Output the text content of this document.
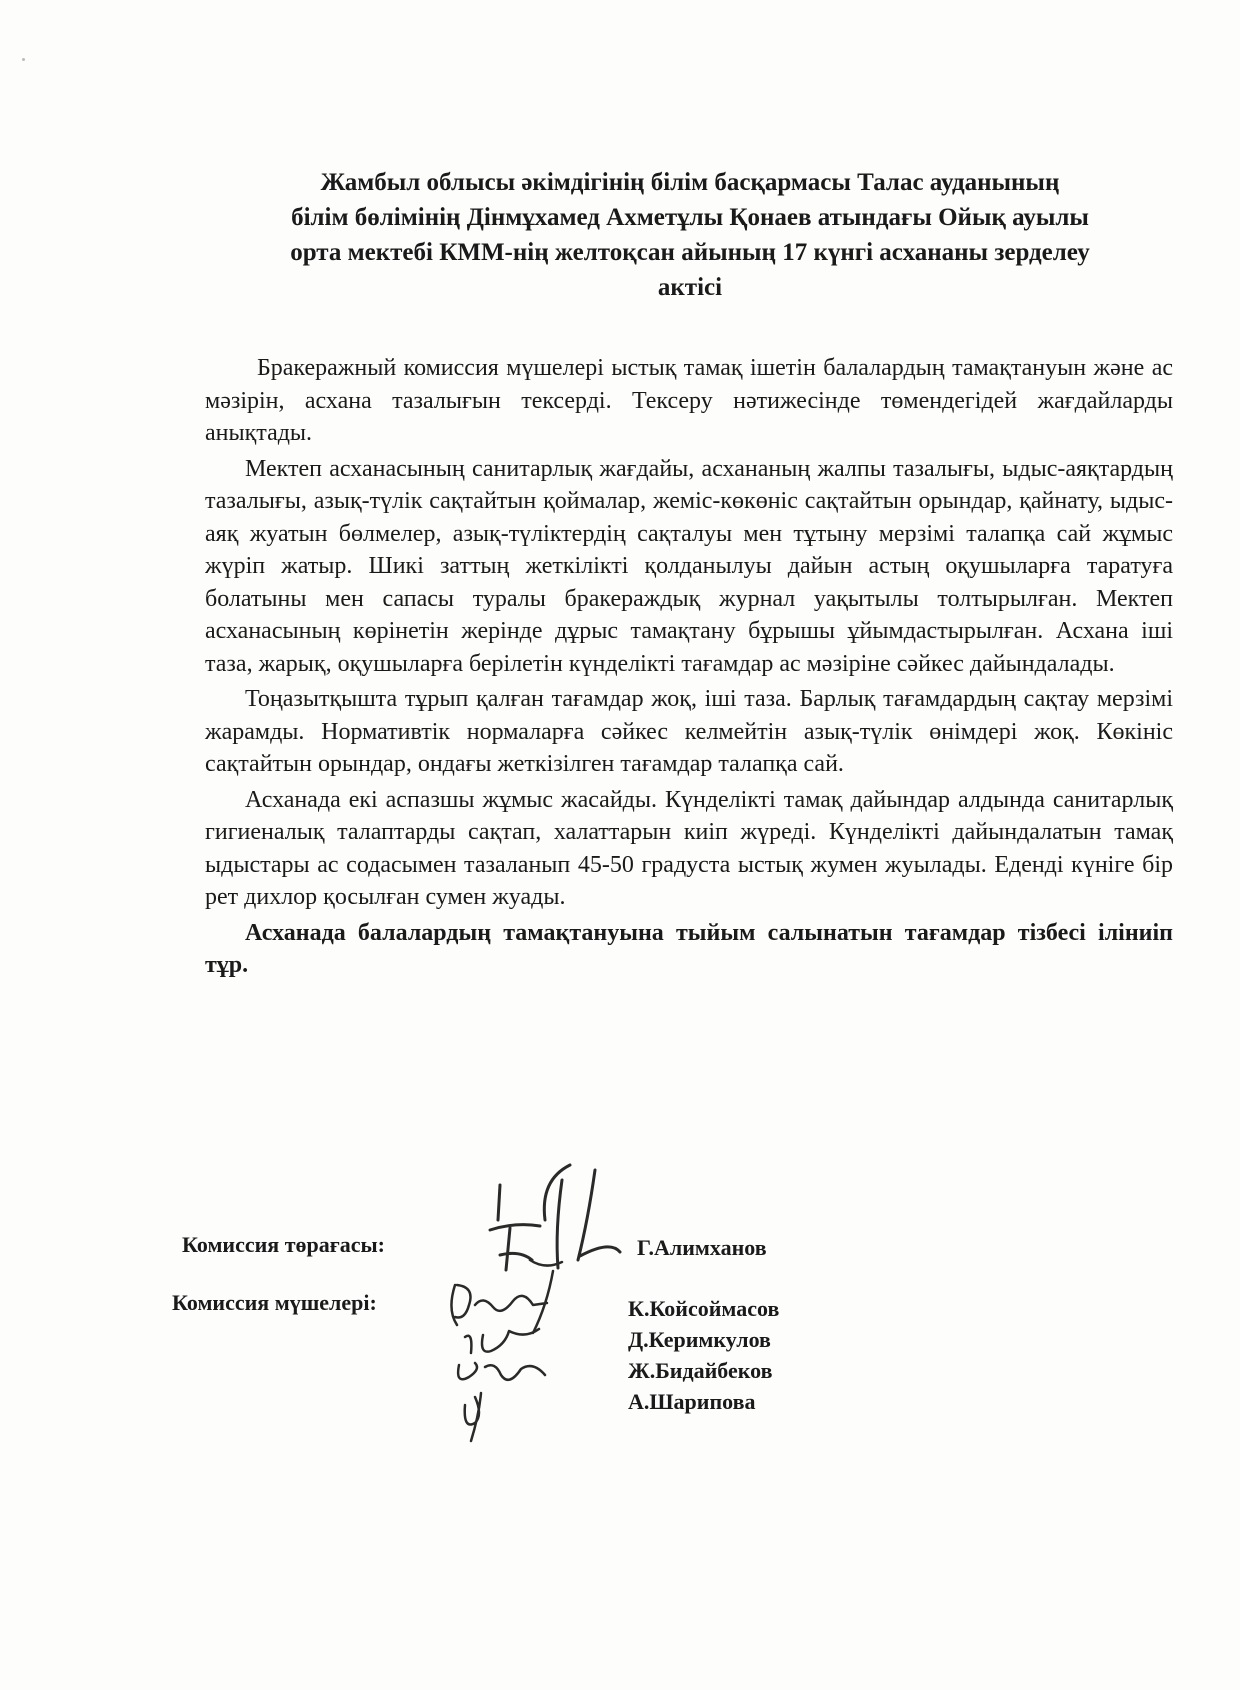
Жамбыл облысы әкімдігінің білім басқармасы Талас ауданының
білім бөлімінің Дінмұхамед Ахметұлы Қонаев атындағы Ойық ауылы
орта мектебі КММ-нің желтоқсан айының 17 күнгі асхананы зерделеу
актісі

Бракеражный комиссия мүшелері ыстық тамақ ішетін балалардың тамақтануын және ас мәзірін, асхана тазалығын тексерді. Тексеру нәтижесінде төмендегідей жағдайларды анықтады.

Мектеп асханасының санитарлық жағдайы, асхананың жалпы тазалығы, ыдыс-аяқтардың тазалығы, азық-түлік сақтайтын қоймалар, жеміс-көкөніс сақтайтын орындар, қайнату, ыдыс-аяқ жуатын бөлмелер, азық-түліктердің сақталуы мен тұтыну мерзімі талапқа сай жұмыс жүріп жатыр. Шикі заттың жеткілікті қолданылуы дайын астың оқушыларға таратуға болатыны мен сапасы туралы бракераждық журнал уақытылы толтырылған. Мектеп асханасының көрінетін жерінде дұрыс тамақтану бұрышы ұйымдастырылған. Асхана іші таза, жарық, оқушыларға берілетін күнделікті тағамдар ас мәзіріне сәйкес дайындалады.

Тоңазытқышта тұрып қалған тағамдар жоқ, іші таза. Барлық тағамдардың сақтау мерзімі жарамды. Нормативтік нормаларға сәйкес келмейтін азық-түлік өнімдері жоқ. Көкініс сақтайтын орындар, ондағы жеткізілген тағамдар талапқа сай.

Асханада екі аспазшы жұмыс жасайды. Күнделікті тамақ дайындар алдында санитарлық гигиеналық талаптарды сақтап, халаттарын киіп жүреді. Күнделікті дайындалатын тамақ ыдыстары ас содасымен тазаланып 45-50 градуста ыстық жумен жуылады. Еденді күніге бір рет дихлор қосылған сумен жуады.

Асханада балалардың тамақтануына тыйым салынатын тағамдар тізбесі іліниіп тұр.

Комиссия төрағасы:	Г.Алимханов
Комиссия мүшелері:	К.Койсоймасов
Д.Керимкулов
Ж.Бидайбеков
А.Шарипова
